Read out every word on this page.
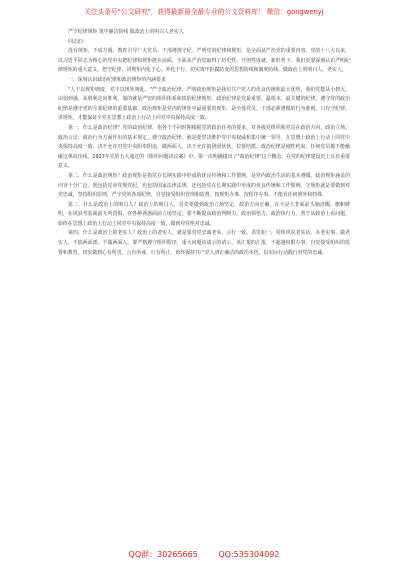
关注头条号"公文研究"，获得最新最全最专业的公文资料库！ 微信：gongwenyj

严守纪律规矩 筑牢廉洁防线 做政治上的明白人老实人

同志们：

没有规矩，不成方圆。教育引导广大党员、干部遵规守纪，严明党的纪律和规矩，是全面从严治党的重要内容。党的十八大以来，以习近平同志为核心的党中央把纪律和规矩挺在前面，全面从严治党取得了历史性、开创性成就。新形势下，我们更要深刻认识严明纪律规矩的重大意义，把守纪律、讲规矩内化于心、外化于行，切实筑牢拒腐防变的思想防线和制度防线，做政治上的明白人、老实人。

一、深刻认识政治纪律和政治规矩的内涵要求

"人不以规矩则废，党不以规矩则乱。"严守政治纪律、严明政治规矩是我们共产党人的优良传统和最大优势。我们党能从小到大、由弱到强，从胜利走向胜利，靠的就是严密的组织体系和铁的纪律规矩。政治纪律是党最重要、最根本、最关键的纪律，遵守党的政治纪律是遵守党的全部纪律的重要基础。政治规矩是党内的规矩中最重要的规矩，是全体党员、干部必须遵循的行为准则。只有守纪律、讲规矩，才能保证全党在思想上政治上行动上同党中央保持高度一致。

第一，什么是政治纪律？党的政治纪律，指各个不同时期根据党的政治任务的要求，对各级党组织和党员在政治方向、政治立场、政治言论、政治行为方面作出的基本规定。遵守政治纪律，就是要坚决维护党中央权威和集中统一领导，在思想上政治上行动上同党中央保持高度一致，决不允许对党中央阳奉阴违、做两面人，决不允许搞团团伙伙、拉帮结派。政治纪律是刚性约束，任何党员都不能触碰这条高压线。1927年党的五大通过的《组织问题决议案》中，第一次明确提出了"政治纪律"这个概念，在党的纪律建设史上具有重要意义。

第二，什么是政治规矩？政治规矩是指党在长期实践中形成的优良传统和工作惯例，是党内政治生活的基本遵循。政治规矩涵盖的内容十分广泛，既包括党章党规党纪，也包括国家法律法规，还包括党在长期实践中形成的优良传统和工作惯例。守规矩就是要做到对党忠诚，坚持组织原则，严守党的各项纪律，自觉接受组织管理和监督，按规矩办事、按程序办事，不能有任何例外和特殊。

第三，什么是政治上的明白人？政治上的明白人，首先要做到政治立场坚定、政治方向正确，在大是大非面前头脑清醒、旗帜鲜明，在风浪考验面前无所畏惧，在各种诱惑面前立场坚定。要不断提高政治判断力、政治领悟力、政治执行力，善于从政治上看问题，始终在思想上政治上行动上同党中央保持高度一致，做到对党绝对忠诚。

第四，什么是政治上的老实人？政治上的老实人，就是要对党忠诚老实，言行一致、表里如一，对组织说老实话、办老实事、做老实人，不搞两面派、不做两面人。要严格遵守组织程序，重大问题该请示的请示、该汇报的汇报，不超越权限办事，自觉接受组织的监督和教育，切实做到心有所畏、言有所戒、行有所止，始终保持共产党人清正廉洁的政治本色，以实际行动践行对党的忠诚。

QQ群：30265665	QQ:535304092
